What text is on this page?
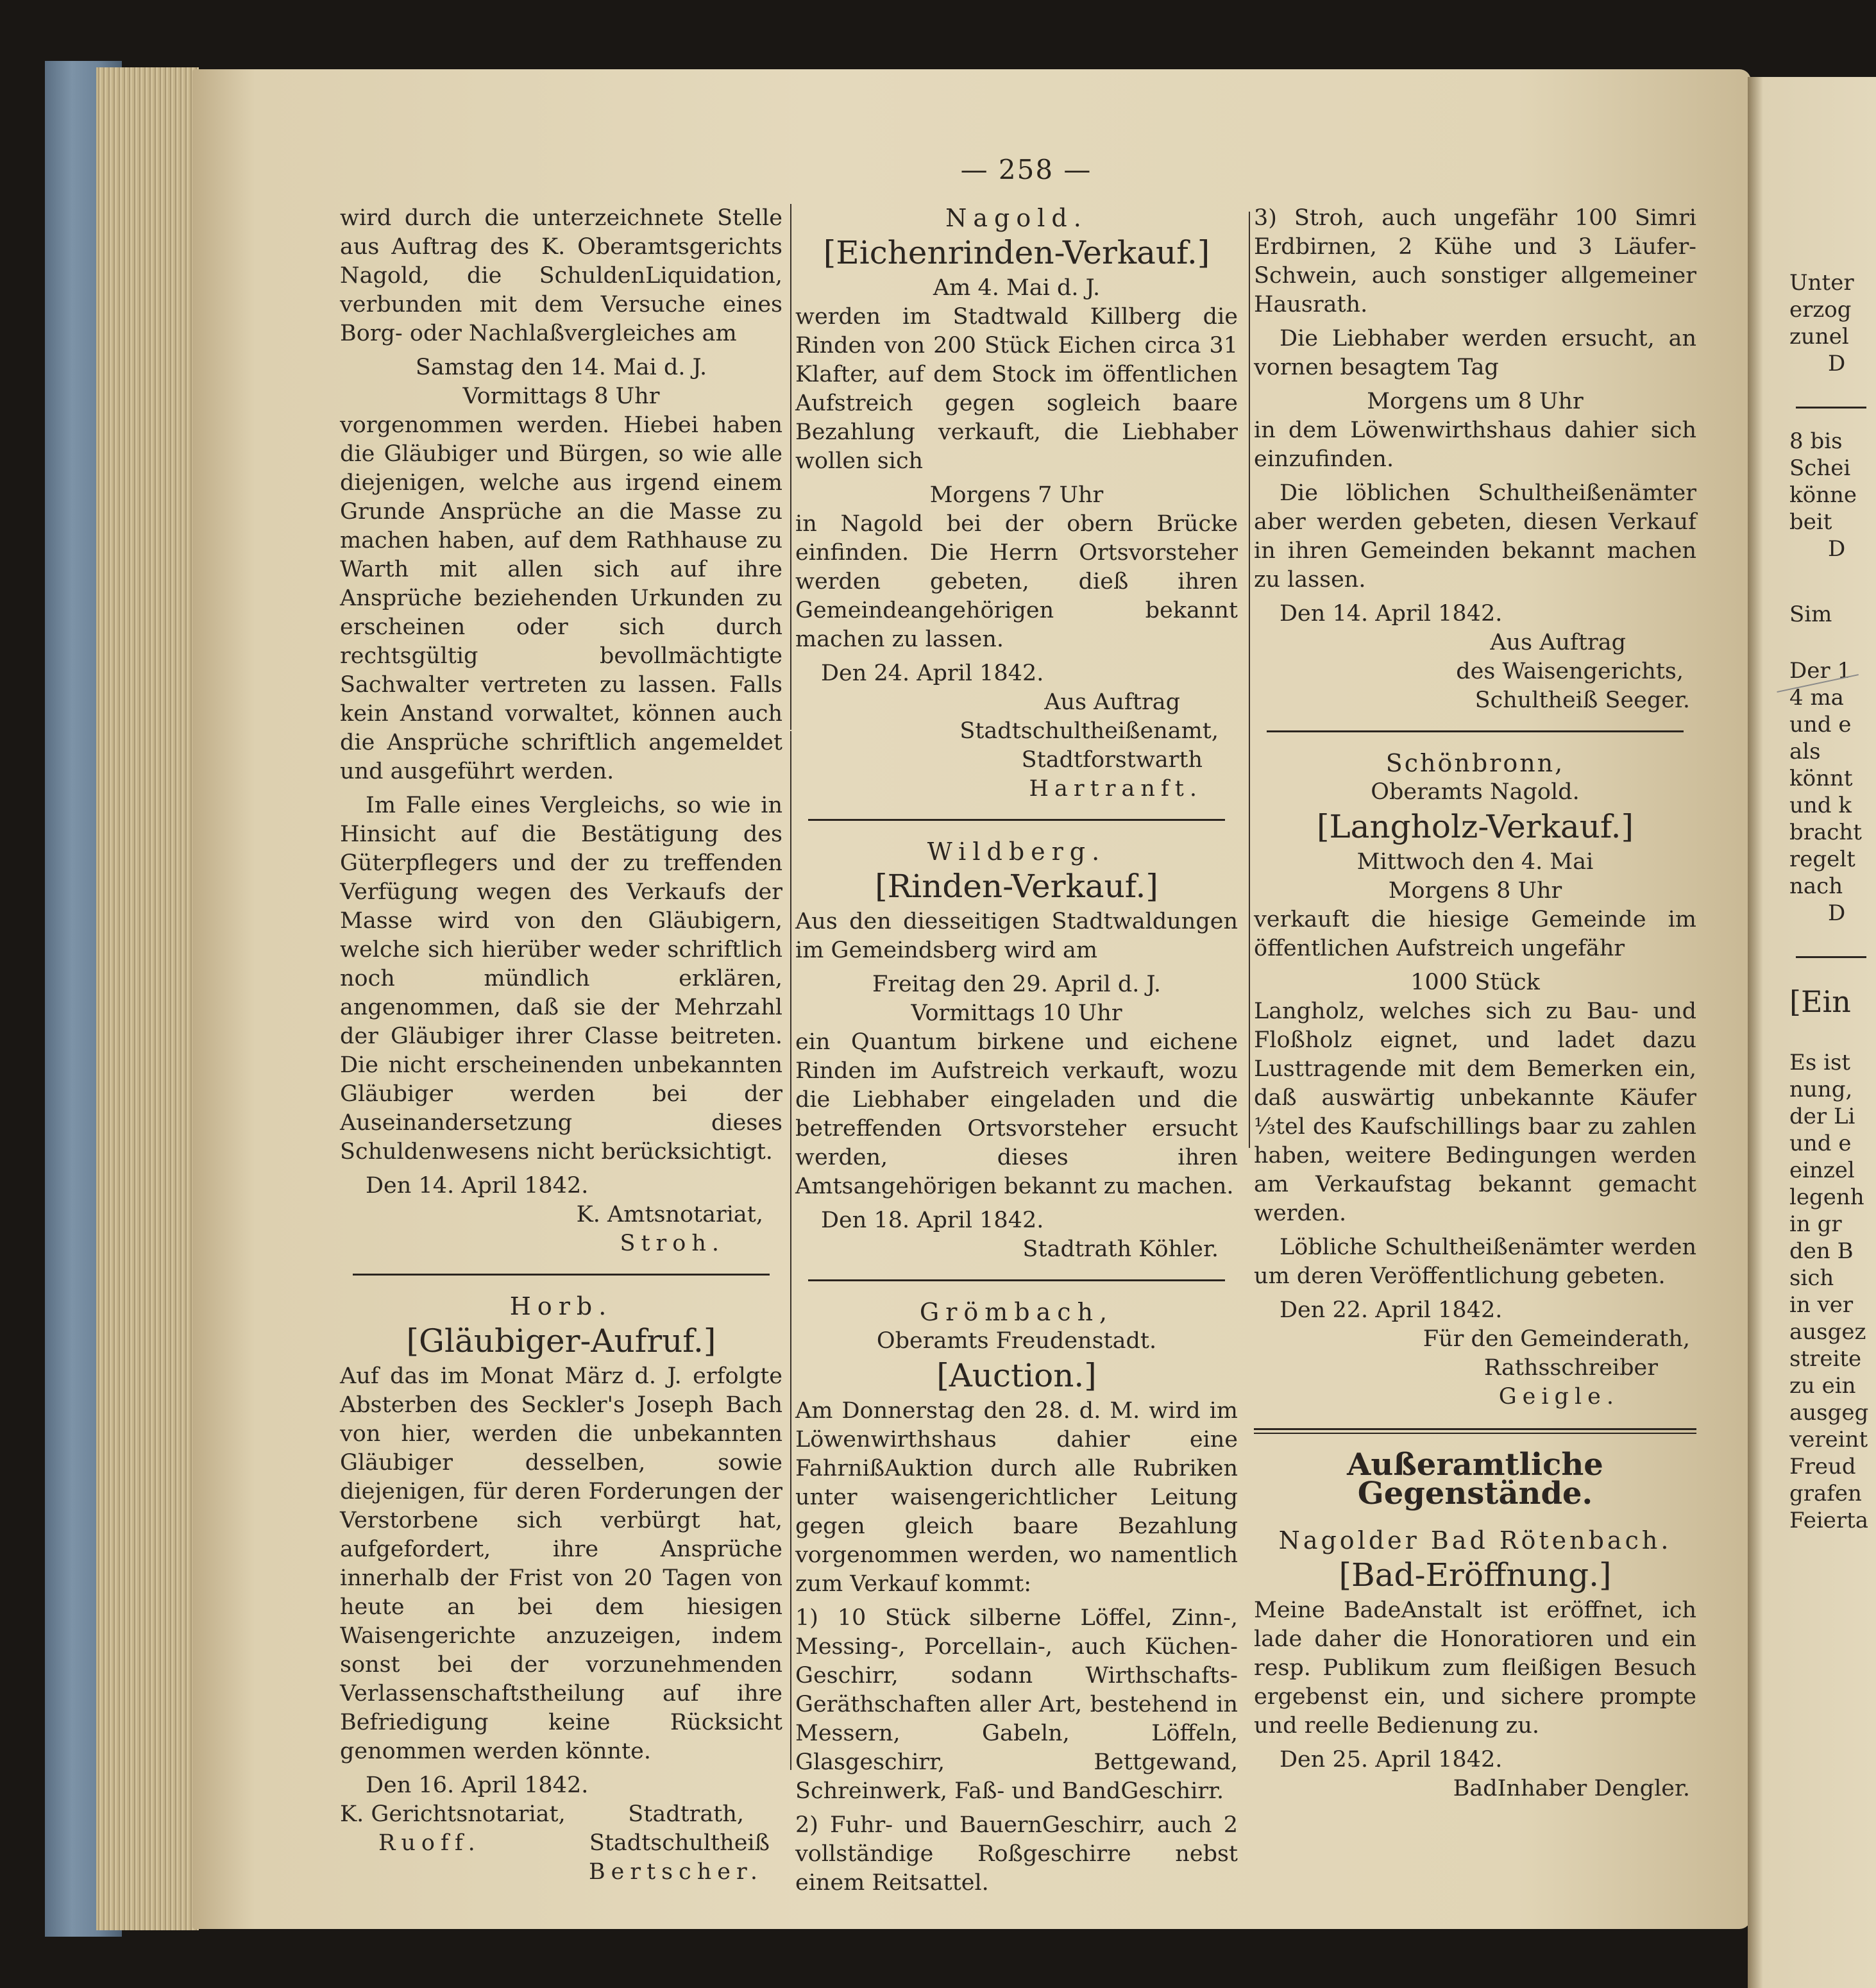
— 258 —

wird durch die unterzeichnete Stelle aus Auftrag des K. Oberamtsgerichts Nagold, die SchuldenLiquidation, verbunden mit dem Versuche eines Borg- oder Nachlaßvergleiches am

Samstag den 14. Mai d. J.
Vormittags 8 Uhr

vorgenommen werden. Hiebei haben die Gläubiger und Bürgen, so wie alle diejenigen, welche aus irgend einem Grunde Ansprüche an die Masse zu machen haben, auf dem Rathhause zu Warth mit allen sich auf ihre Ansprüche beziehenden Urkunden zu erscheinen oder sich durch rechtsgültig bevollmächtigte Sachwalter vertreten zu lassen. Falls kein Anstand vorwaltet, können auch die Ansprüche schriftlich angemeldet und ausgeführt werden.

Im Falle eines Vergleichs, so wie in Hinsicht auf die Bestätigung des Güterpflegers und der zu treffenden Verfügung wegen des Verkaufs der Masse wird von den Gläubigern, welche sich hierüber weder schriftlich noch mündlich erklären, angenommen, daß sie der Mehrzahl der Gläubiger ihrer Classe beitreten. Die nicht erscheinenden unbekannten Gläubiger werden bei der Auseinandersetzung dieses Schuldenwesens nicht berücksichtigt.

Den 14. April 1842.
K. Amtsnotariat,
Stroh.
Horb.
[Gläubiger-Aufruf.]

Auf das im Monat März d. J. erfolgte Absterben des Seckler's Joseph Bach von hier, werden die unbekannten Gläubiger desselben, sowie diejenigen, für deren Forderungen der Verstorbene sich verbürgt hat, aufgefordert, ihre Ansprüche innerhalb der Frist von 20 Tagen von heute an bei dem hiesigen Waisengerichte anzuzeigen, indem sonst bei der vorzunehmenden Verlassenschaftstheilung auf ihre Befriedigung keine Rücksicht genommen werden könnte.

Den 16. April 1842.
K. Gerichtsnotariat,	Stadtrath,
Ruoff.	Stadtschultheiß
Bertscher.
Nagold.
[Eichenrinden-Verkauf.]
Am 4. Mai d. J.

werden im Stadtwald Killberg die Rinden von 200 Stück Eichen circa 31 Klafter, auf dem Stock im öffentlichen Aufstreich gegen sogleich baare Bezahlung verkauft, die Liebhaber wollen sich

Morgens 7 Uhr

in Nagold bei der obern Brücke einfinden. Die Herrn Ortsvorsteher werden gebeten, dieß ihren Gemeindeangehörigen bekannt machen zu lassen.

Den 24. April 1842.
Aus Auftrag
Stadtschultheißenamt,
Stadtforstwarth
Hartranft.
Wildberg.
[Rinden-Verkauf.]

Aus den diesseitigen Stadtwaldungen im Gemeindsberg wird am

Freitag den 29. April d. J.
Vormittags 10 Uhr

ein Quantum birkene und eichene Rinden im Aufstreich verkauft, wozu die Liebhaber eingeladen und die betreffenden Ortsvorsteher ersucht werden, dieses ihren Amtsangehörigen bekannt zu machen.

Den 18. April 1842.
Stadtrath Köhler.
Grömbach,
Oberamts Freudenstadt.
[Auction.]

Am Donnerstag den 28. d. M. wird im Löwenwirthshaus dahier eine FahrnißAuktion durch alle Rubriken unter waisengerichtlicher Leitung gegen gleich baare Bezahlung vorgenommen werden, wo namentlich zum Verkauf kommt:

1) 10 Stück silberne Löffel, Zinn-, Messing-, Porcellain-, auch Küchen-Geschirr, sodann Wirthschafts-Geräthschaften aller Art, bestehend in Messern, Gabeln, Löffeln, Glasgeschirr, Bettgewand, Schreinwerk, Faß- und BandGeschirr.

2) Fuhr- und BauernGeschirr, auch 2 vollständige Roßgeschirre nebst einem Reitsattel.

3) Stroh, auch ungefähr 100 Simri Erdbirnen, 2 Kühe und 3 Läufer-Schwein, auch sonstiger allgemeiner Hausrath.

Die Liebhaber werden ersucht, an vornen besagtem Tag

Morgens um 8 Uhr

in dem Löwenwirthshaus dahier sich einzufinden.

Die löblichen Schultheißenämter aber werden gebeten, diesen Verkauf in ihren Gemeinden bekannt machen zu lassen.

Den 14. April 1842.
Aus Auftrag
des Waisengerichts,
Schultheiß Seeger.
Schönbronn,
Oberamts Nagold.
[Langholz-Verkauf.]
Mittwoch den 4. Mai
Morgens 8 Uhr

verkauft die hiesige Gemeinde im öffentlichen Aufstreich ungefähr

1000 Stück

Langholz, welches sich zu Bau- und Floßholz eignet, und ladet dazu Lusttragende mit dem Bemerken ein, daß auswärtig unbekannte Käufer ⅓tel des Kaufschillings baar zu zahlen haben, weitere Bedingungen werden am Verkaufstag bekannt gemacht werden.

Löbliche Schultheißenämter werden um deren Veröffentlichung gebeten.

Den 22. April 1842.
Für den Gemeinderath,
Rathsschreiber
Geigle.
Außeramtliche Gegenstände.
Nagolder Bad Rötenbach.
[Bad-Eröffnung.]

Meine BadeAnstalt ist eröffnet, ich lade daher die Honoratioren und ein resp. Publikum zum fleißigen Besuch ergebenst ein, und sichere prompte und reelle Bedienung zu.

Den 25. April 1842.
BadInhaber Dengler.
Unter
erzog
zunel
D
8 bis
Schei
könne
beit
D
Sim
Der 1
4 ma
und e
als
könnt
und k
bracht
regelt
nach
D
[Ein
Es ist
nung,
der Li
und e
einzel
legenh
in gr
den B
sich
in ver
ausgez
streite
zu ein
ausgeg
vereint
Freud
grafen
Feierta
